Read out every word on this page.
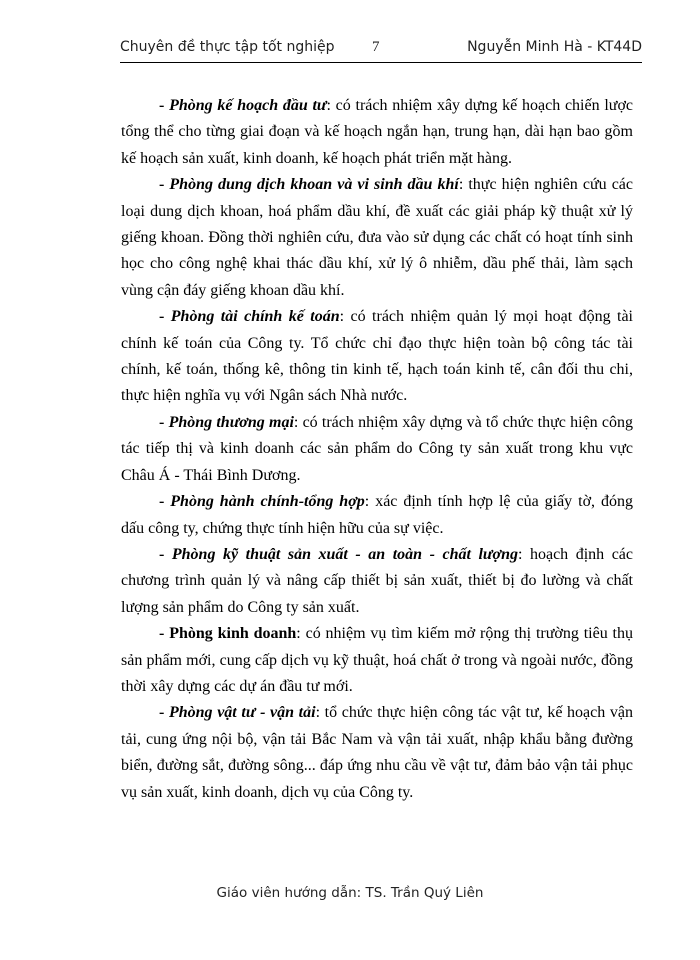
Chuyên đề thực tập tốt nghiệp	7	Nguyễn Minh Hà - KT44D

- Phòng kế hoạch đầu tư: có trách nhiệm xây dựng kế hoạch chiến lược tổng thể cho từng giai đoạn và kế hoạch ngắn hạn, trung hạn, dài hạn bao gồm kế hoạch sản xuất, kinh doanh, kế hoạch phát triển mặt hàng.

- Phòng dung dịch khoan và vi sinh dầu khí: thực hiện nghiên cứu các loại dung dịch khoan, hoá phẩm dầu khí, đề xuất các giải pháp kỹ thuật xử lý giếng khoan. Đồng thời nghiên cứu, đưa vào sử dụng các chất có hoạt tính sinh học cho công nghệ khai thác dầu khí, xử lý ô nhiễm, dầu phế thải, làm sạch vùng cận đáy giếng khoan dầu khí.

- Phòng tài chính kế toán: có trách nhiệm quản lý mọi hoạt động tài chính kế toán của Công ty. Tổ chức chỉ đạo thực hiện toàn bộ công tác tài chính, kế toán, thống kê, thông tin kinh tế, hạch toán kinh tế, cân đối thu chi, thực hiện nghĩa vụ với Ngân sách Nhà nước.

- Phòng thương mại: có trách nhiệm xây dựng và tổ chức thực hiện công tác tiếp thị và kinh doanh các sản phẩm do Công ty sản xuất trong khu vực Châu Á - Thái Bình Dương.

- Phòng hành chính-tổng hợp: xác định tính hợp lệ của giấy tờ, đóng dấu công ty, chứng thực tính hiện hữu của sự việc.

- Phòng kỹ thuật sản xuất - an toàn - chất lượng: hoạch định các chương trình quản lý và nâng cấp thiết bị sản xuất, thiết bị đo lường và chất lượng sản phẩm do Công ty sản xuất.

- Phòng kinh doanh: có nhiệm vụ tìm kiếm mở rộng thị trường tiêu thụ sản phẩm mới, cung cấp dịch vụ kỹ thuật, hoá chất ở trong và ngoài nước, đồng thời xây dựng các dự án đầu tư mới.

- Phòng vật tư - vận tải: tổ chức thực hiện công tác vật tư, kế hoạch vận tải, cung ứng nội bộ, vận tải Bắc Nam và vận tải xuất, nhập khẩu bằng đường biển, đường sắt, đường sông... đáp ứng nhu cầu về vật tư, đảm bảo vận tải phục vụ sản xuất, kinh doanh, dịch vụ của Công ty.

Giáo viên hướng dẫn: TS. Trần Quý Liên
